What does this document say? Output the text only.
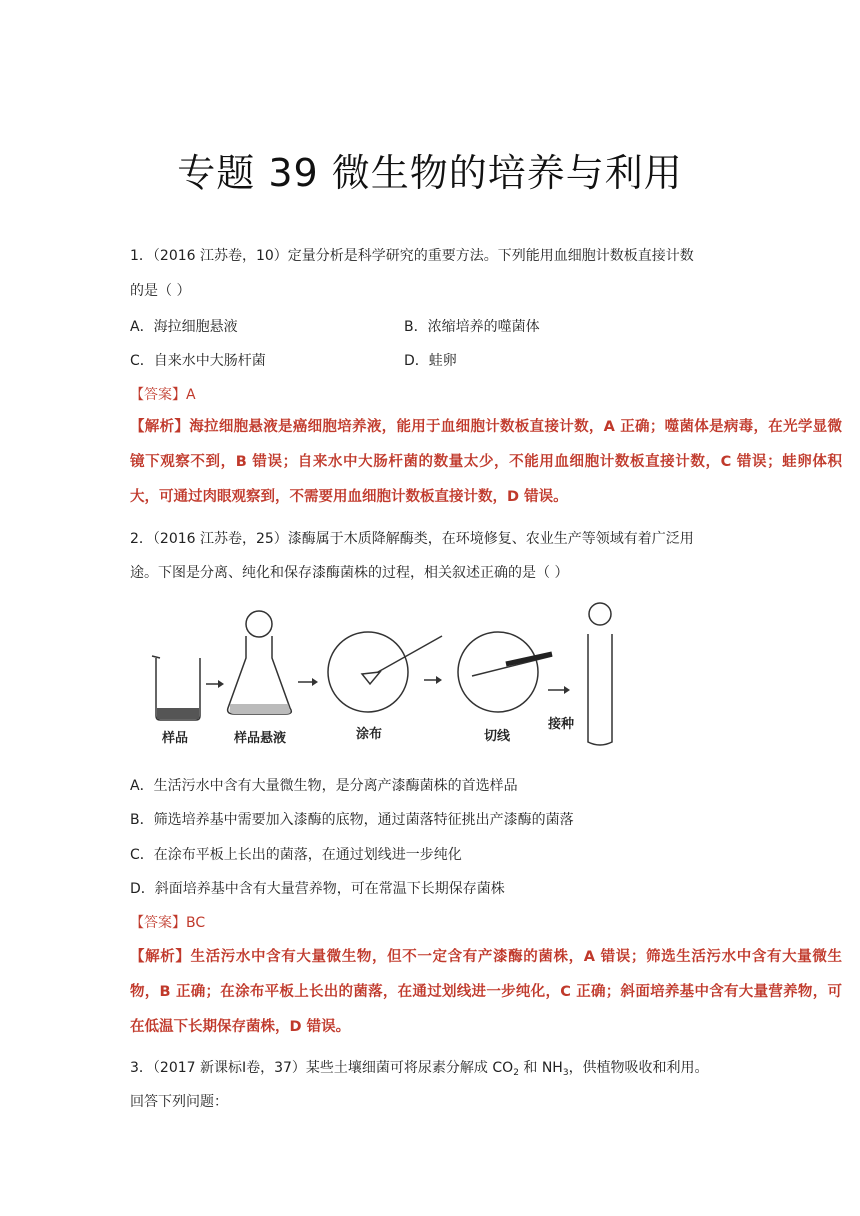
专题 39 微生物的培养与利用
1．（2016 江苏卷，10）定量分析是科学研究的重要方法。下列能用血细胞计数板直接计数
的是（ ）
A．海拉细胞悬液	B．浓缩培养的噬菌体
C．自来水中大肠杆菌	D．蛙卵
【答案】A
【解析】海拉细胞悬液是癌细胞培养液，能用于血细胞计数板直接计数，A 正确；噬菌体是病毒，在光学显微镜下观察不到，B 错误；自来水中大肠杆菌的数量太少，不能用血细胞计数板直接计数，C 错误；蛙卵体积大，可通过肉眼观察到，不需要用血细胞计数板直接计数，D 错误。
2．（2016 江苏卷，25）漆酶属于木质降解酶类，在环境修复、农业生产等领域有着广泛用
途。下图是分离、纯化和保存漆酶菌株的过程，相关叙述正确的是（ ）
样品	样品悬液	涂布	切线
接种
A．生活污水中含有大量微生物，是分离产漆酶菌株的首选样品
B．筛选培养基中需要加入漆酶的底物，通过菌落特征挑出产漆酶的菌落
C．在涂布平板上长出的菌落，在通过划线进一步纯化
D．斜面培养基中含有大量营养物，可在常温下长期保存菌株
【答案】BC
【解析】生活污水中含有大量微生物，但不一定含有产漆酶的菌株，A 错误；筛选生活污水中含有大量微生物，B 正确；在涂布平板上长出的菌落，在通过划线进一步纯化，C 正确；斜面培养基中含有大量营养物，可在低温下长期保存菌株，D 错误。
3．（2017 新课标Ⅰ卷，37）某些土壤细菌可将尿素分解成 $CO_2$ 和 $NH_3$，供植物吸收和利用。
回答下列问题：
